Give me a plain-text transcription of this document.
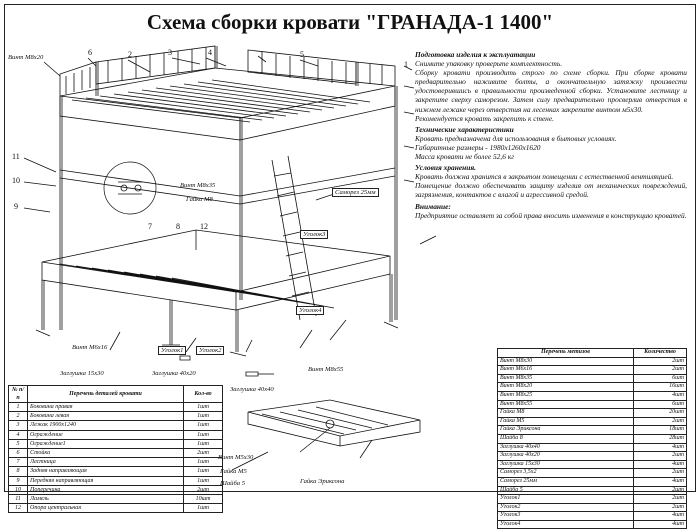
Схема сборки кровати "ГРАНАДА-1 1400"
6	2	3	4	5
1
11
10
9
7	8	12
Винт М8х20
Винт М8х35
Гайка М8
Саморез 25мм
Уголок3
Уголок4
Уголок1	Уголок2
Винт М6х16
Заглушка 15х30	Заглушка 40х20
Заглушка 40х40
Винт М8х55
Винт М5х30
Гайка М5
Шайба 5	Гайка Эриксона
Подготовка изделия к эксплуатации

Снимите упаковку проверьте комплектность.

Сборку кровати производить строго по схеме сборки. При сборке кровати предварительно наживите болты, а окончательную затяжку произвести удостоверившись в правильности произведенной сборки. Установите лестницу и закрепите сверху саморезом. Затем силу предварительно просверлив отверстия в нижнем лежаке через отверстия на лесенках закрепите винтом м5х30.

Рекомендуется кровать закрепить к стене.

Технические характеристики

Кровать предназначена для использования в бытовых условиях.

Габаритные размеры - 1980х1260х1620

Масса кровати не более 52,6 кг

Условия хранения.

Кровать должна хранится в закрытом помещении с естественной вентиляцией.

Помещение должно обеспечивать защиту изделия от механических повреждений, загрязнения, контактов с влагой и агрессивной средой.

Внимание:

Предприятие оставляет за собой права вносить изменения в конструкцию кроватей.

Перечень метизов	Количество
Винт М8х30	2шт
Винт М6х16	2шт
Винт М8х35	6шт
Винт М8х20	16шт
Винт М8х25	4шт
Винт М8х55	6шт
Гайка М8	20шт
Гайка М5	2шт
Гайка Эриксона	18шт
Шайба 8	28шт
Заглушка 40х40	4шт
Заглушка 40х20	2шт
Заглушка 15х30	4шт
Саморез 3,5х2	2шт
Саморез 25мм	4шт
Шайба 5	2шт
Уголок1	2шт
Уголок2	2шт
Уголок3	4шт
Уголок4	4шт
№ п/п	Перечень деталей кровати	Кол-во
1	Боковина правая	1шт
2	Боковина левая	1шт
3	Лежак 1900х1240	1шт
4	Ограждение	1шт
5	Ограждение1	1шт
6	Стойка	2шт
7	Лестница	1шт
8	Задняя направляющая	1шт
9	Передняя направляющая	1шт
10	Поперечина	2шт
11	Ламель	10шт
12	Опора центральная	1шт
